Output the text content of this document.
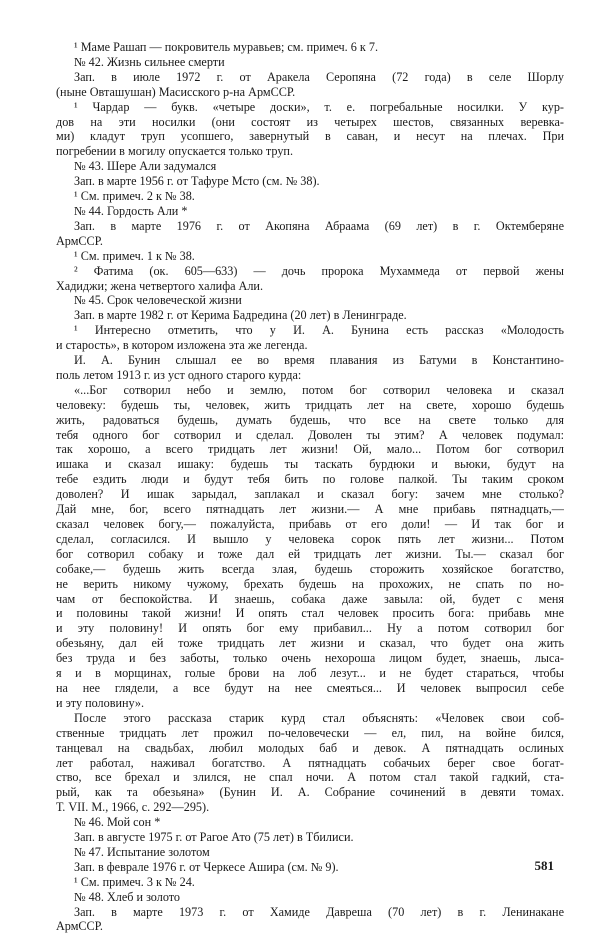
¹ Маме Рашап — покровитель муравьев; см. примеч. 6 к 7.
№ 42. Жизнь сильнее смерти
Зап. в июле 1972 г. от Аракела Серопяна (72 года) в селе Шорлу
(ныне Овташушан) Масисского р-на АрмССР.
¹ Чардар — букв. «четыре доски», т. е. погребальные носилки. У кур-
дов на эти носилки (они состоят из четырех шестов, связанных веревка-
ми) кладут труп усопшего, завернутый в саван, и несут на плечах. При
погребении в могилу опускается только труп.
№ 43. Шере Али задумался
Зап. в марте 1956 г. от Тафуре Мсто (см. № 38).
¹ См. примеч. 2 к № 38.
№ 44. Гордость Али *
Зап. в марте 1976 г. от Акопяна Абраама (69 лет) в г. Октемберяне
АрмССР.
¹ См. примеч. 1 к № 38.
² Фатима (ок. 605—633) — дочь пророка Мухаммеда от первой жены
Хадиджи; жена четвертого халифа Али.
№ 45. Срок человеческой жизни
Зап. в марте 1982 г. от Керима Бадредина (20 лет) в Ленинграде.
¹ Интересно отметить, что у И. А. Бунина есть рассказ «Молодость
и старость», в котором изложена эта же легенда.
И. А. Бунин слышал ее во время плавания из Батуми в Константино-
поль летом 1913 г. из уст одного старого курда:
«...Бог сотворил небо и землю, потом бог сотворил человека и сказал
человеку: будешь ты, человек, жить тридцать лет на свете, хорошо будешь
жить, радоваться будешь, думать будешь, что все на свете только для
тебя одного бог сотворил и сделал. Доволен ты этим? А человек подумал:
так хорошо, а всего тридцать лет жизни! Ой, мало... Потом бог сотворил
ишака и сказал ишаку: будешь ты таскать бурдюки и вьюки, будут на
тебе ездить люди и будут тебя бить по голове палкой. Ты таким сроком
доволен? И ишак зарыдал, заплакал и сказал богу: зачем мне столько?
Дай мне, бог, всего пятнадцать лет жизни.— А мне прибавь пятнадцать,—
сказал человек богу,— пожалуйста, прибавь от его доли! — И так бог и
сделал, согласился. И вышло у человека сорок пять лет жизни... Потом
бог сотворил собаку и тоже дал ей тридцать лет жизни. Ты.— сказал бог
собаке,— будешь жить всегда злая, будешь сторожить хозяйское богатство,
не верить никому чужому, брехать будешь на прохожих, не спать по но-
чам от беспокойства. И знаешь, собака даже завыла: ой, будет с меня
и половины такой жизни! И опять стал человек просить бога: прибавь мне
и эту половину! И опять бог ему прибавил... Ну а потом сотворил бог
обезьяну, дал ей тоже тридцать лет жизни и сказал, что будет она жить
без труда и без заботы, только очень нехороша лицом будет, знаешь, лыса-
я и в морщинах, голые брови на лоб лезут... и не будет стараться, чтобы
на нее глядели, а все будут на нее смеяться... И человек выпросил себе
и эту половину».
После этого рассказа старик курд стал объяснять: «Человек свои соб-
ственные тридцать лет прожил по-человечески — ел, пил, на войне бился,
танцевал на свадьбах, любил молодых баб и девок. А пятнадцать ослиных
лет работал, наживал богатство. А пятнадцать собачьих берег свое богат-
ство, все брехал и злился, не спал ночи. А потом стал такой гадкий, ста-
рый, как та обезьяна» (Бунин И. А. Собрание сочинений в девяти томах.
Т. VII. М., 1966, с. 292—295).
№ 46. Мой сон *
Зап. в августе 1975 г. от Рагое Ато (75 лет) в Тбилиси.
№ 47. Испытание золотом
Зап. в феврале 1976 г. от Черкесе Ашира (см. № 9).
¹ См. примеч. 3 к № 24.
№ 48. Хлеб и золото
Зап. в марте 1973 г. от Хамиде Давреша (70 лет) в г. Ленинакане
АрмССР.
581
